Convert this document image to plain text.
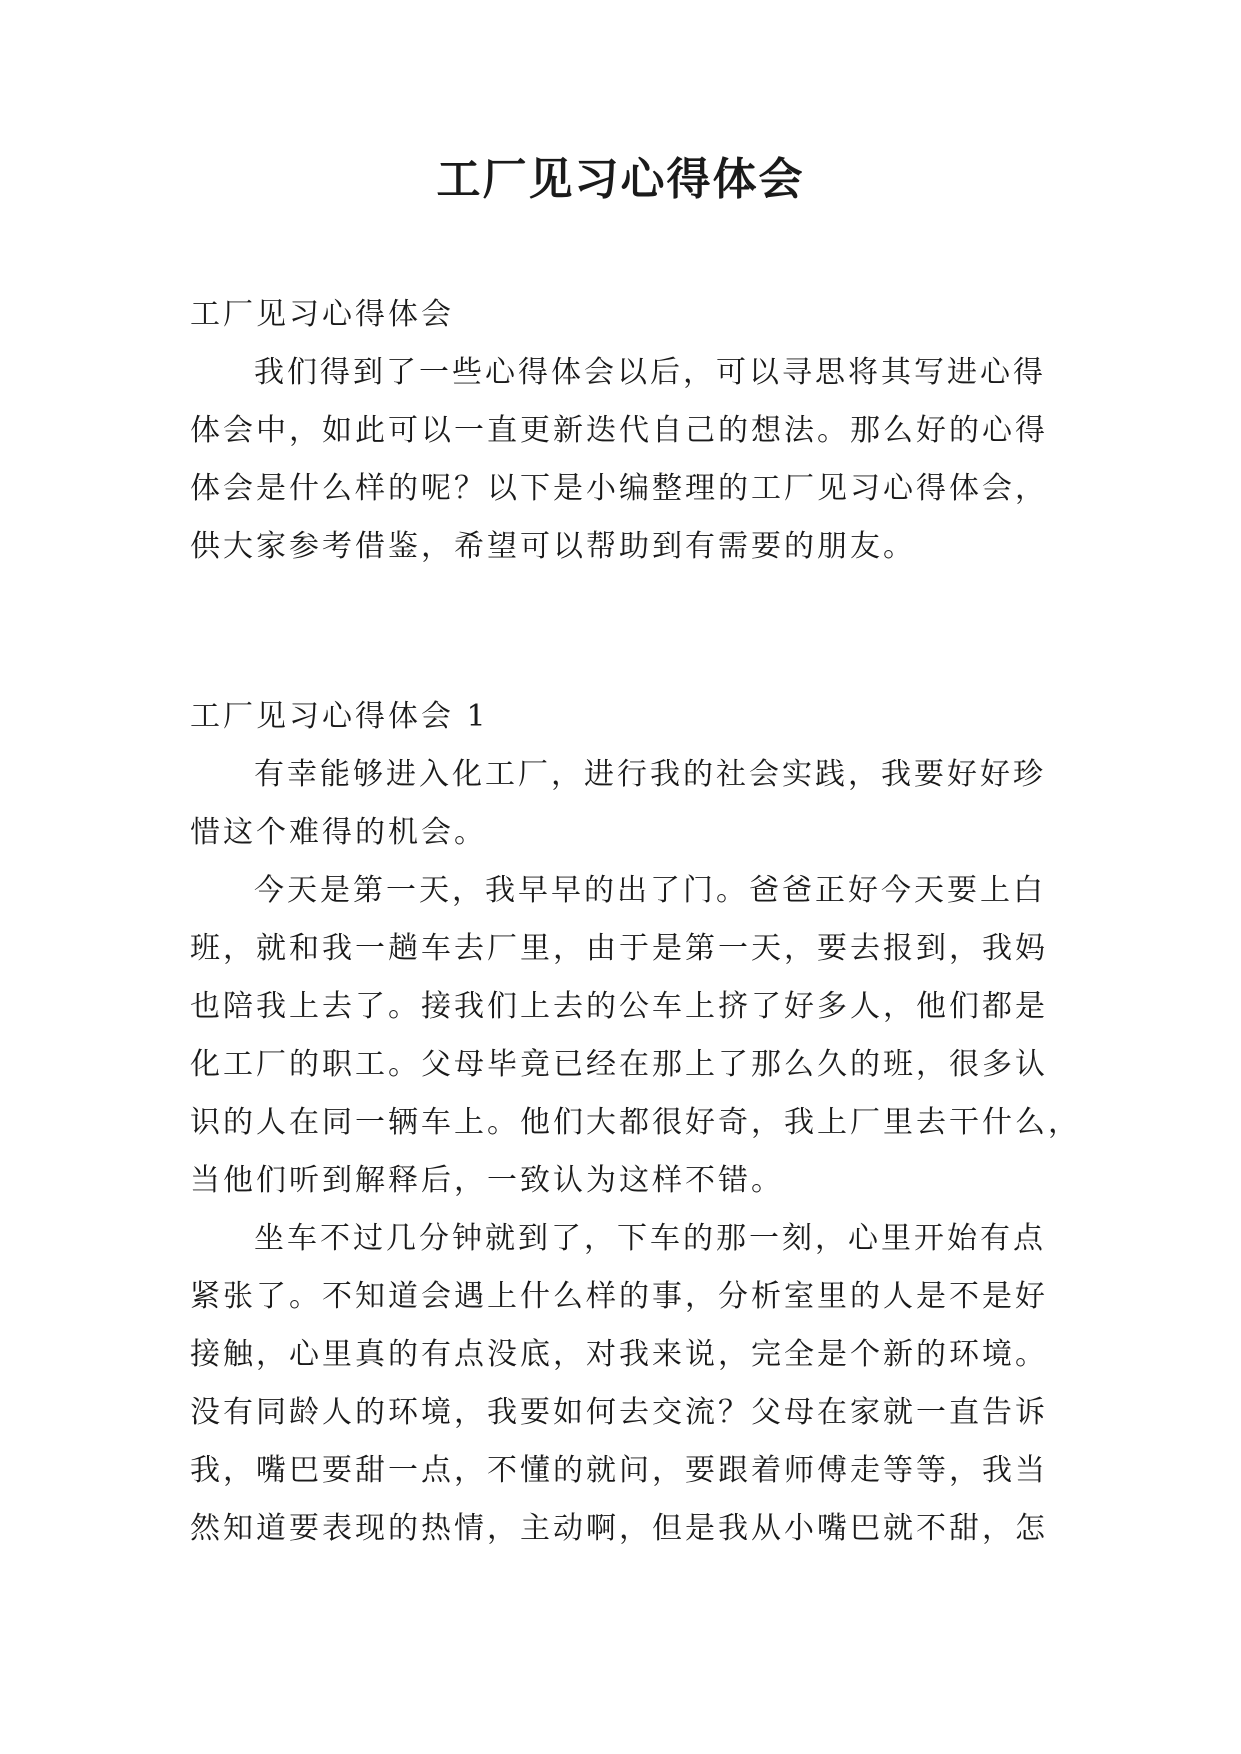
工厂见习心得体会
工厂见习心得体会
我们得到了一些心得体会以后，可以寻思将其写进心得
体会中，如此可以一直更新迭代自己的想法。那么好的心得
体会是什么样的呢？以下是小编整理的工厂见习心得体会，
供大家参考借鉴，希望可以帮助到有需要的朋友。
工厂见习心得体会 1
有幸能够进入化工厂，进行我的社会实践，我要好好珍
惜这个难得的机会。
今天是第一天，我早早的出了门。爸爸正好今天要上白
班，就和我一趟车去厂里，由于是第一天，要去报到，我妈
也陪我上去了。接我们上去的公车上挤了好多人，他们都是
化工厂的职工。父母毕竟已经在那上了那么久的班，很多认
识的人在同一辆车上。他们大都很好奇，我上厂里去干什么，
当他们听到解释后，一致认为这样不错。
坐车不过几分钟就到了，下车的那一刻，心里开始有点
紧张了。不知道会遇上什么样的事，分析室里的人是不是好
接触，心里真的有点没底，对我来说，完全是个新的环境。
没有同龄人的环境，我要如何去交流？父母在家就一直告诉
我，嘴巴要甜一点，不懂的就问，要跟着师傅走等等，我当
然知道要表现的热情，主动啊，但是我从小嘴巴就不甜，怎
